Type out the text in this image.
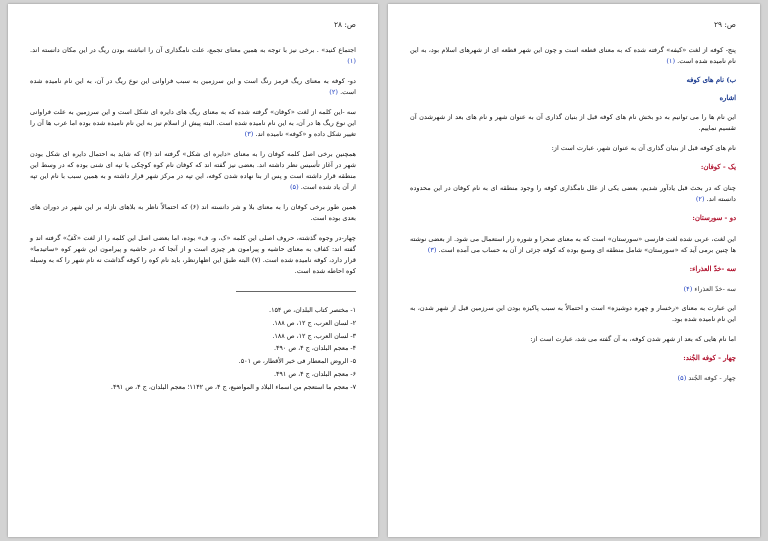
ص: ۲۸

اجتماع کنید» . برخی نیز با توجه به همین معنای تجمع، علت نامگذاری آن را انباشته بودن ریگ در این مکان دانسته اند. (۱)

دو- کوفه به معنای ریگ قرمز رنگ است و این سرزمین به سبب فراوانی این نوع ریگ در آن، به این نام نامیده شده است. (۲)

سه -این کلمه از لغت «کوفان» گرفته شده که به معنای ریگ های دایره ای شکل است و این سرزمین به علت فراوانی این نوع ریگ ها در آن، به این نام نامیده شده است. البته پیش از اسلام نیز به این نام نامیده شده بوده اما عرب ها آن را تغییر شکل داده و «کوفه» نامیده اند. (۳)

همچنین برخی اصل کلمه کوفان را به معنای «دایره ای شکل» گرفته اند (۴) که شاید به احتمال دایره ای شکل بودن شهر در آغاز تأسیس نظر داشته اند. بعضی نیز گفته اند که کوفان نام کوه کوچکی یا تپه ای شنی بوده که در وسط این منطقه قرار داشته است و پس از بنا نهاده شدن کوفه، این تپه در مرکز شهر قرار داشته و به همین سبب با نام این تپه از آن یاد شده است. (۵)

همین طور برخی کوفان را به معنای بلا و شر دانسته اند (۶) که احتمالاً ناظر به بلاهای نازله بر این شهر در دوران های بعدی بوده است.

چهار-در وجوه گذشته، حروف اصلی این کلمه «ک، و، ف» بوده، اما بعضی اصل این کلمه را از لغت «کَفّ» گرفته اند و گفته اند: کفاف به معنای حاشیه و پیرامون هر چیزی است و از آنجا که در حاشیه و پیرامون این شهر کوه «ساتیدما» قرار دارد، کوفه نامیده شده است. (۷) البته طبق این اظهارنظر، باید نام کوه را کوفه گذاشت نه نام شهر را که به وسیله کوه احاطه شده است.

۱- مختصر کتاب البلدان، ص ۱۵۴.
۲- لسان العرب، ج ۱۲، ص ۱۸۸.
۳- لسان العرب، ج ۱۲، ص ۱۸۸.
۴- معجم البلدان، ج ۴، ص ۴۹۰.
۵- الروض المعطار فی خبر الأقطار، ص ۵۰۱.
۶- معجم البلدان، ج ۴، ص ۴۹۱.
۷- معجم ما استعجم من اسماء البلاد و المواضیع، ج ۴، ص ۱۱۴۲؛ معجم البلدان، ج ۴، ص ۴۹۱.
ص: ۲۹

پنج- کوفه از لغت «کیفه» گرفته شده که به معنای قطعه است و چون این شهر قطعه ای از شهرهای اسلام بود، به این نام نامیده شده است. (۱)

ب) نام های کوفه
اشاره

این نام ها را می توانیم به دو بخش نام های کوفه قبل از بنیان گذاری آن به عنوان شهر و نام های بعد از شهرشدن آن تقسیم نماییم.

نام های کوفه قبل از بنیان گذاری آن به عنوان شهر، عبارت است از:

یک - کوفان:

چنان که در بحث قبل یادآور شدیم، بعضی یکی از علل نامگذاری کوفه را وجود منطقه ای به نام کوفان در این محدوده دانسته اند. (۲)

دو - سورستان:

این لغت، عربی شده لغت فارسی «سورستان» است که به معنای صحرا و شوره زار استعمال می شود. از بعضی نوشته ها چنین برمی آید که «سورستان» شامل منطقه ای وسیع بوده که کوفه جزئی از آن به حساب می آمده است. (۳)

سه -خدّ العذراء:
سه -خدّ العذراء (۴)

این عبارت به معنای «رخسار و چهره دوشیزه» است و احتمالاً به سبب پاکیزه بودن این سرزمین قبل از شهر شدن، به این نام نامیده شده بود.

اما نام هایی که بعد از شهر شدن کوفه، به آن گفته می شد، عبارت است از:

چهار - کوفه الجُند:
چهار - کوفه الجُند (۵)
